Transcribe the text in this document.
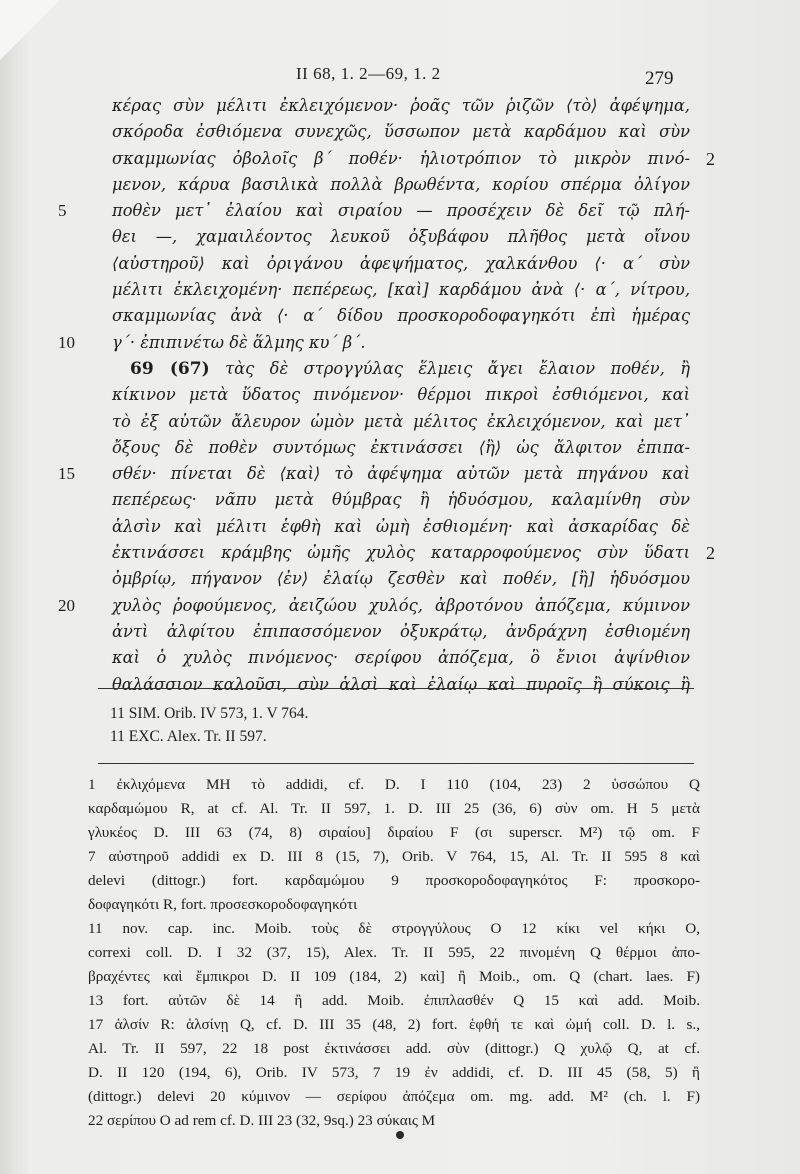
II 68, 1. 2—69, 1. 2	279
κέρας σὺν μέλιτι ἐκλειχόμενον· ῥοᾶς τῶν ῥιζῶν ⟨τὸ⟩ ἀφέψημα,
σκόροδα ἐσθιόμενα συνεχῶς, ὕσσωπον μετὰ καρδάμου καὶ σὺν
σκαμμωνίας ὀβολοῖς β΄ ποθέν· ἡλιοτρόπιον τὸ μικρὸν πινό- 2
μενον, κάρυα βασιλικὰ πολλὰ βρωθέντα, κορίου σπέρμα ὀλίγον
5	ποθὲν μετ᾿ ἐλαίου καὶ σιραίου — προσέχειν δὲ δεῖ τῷ πλή-
θει —, χαμαιλέοντος λευκοῦ ὀξυβάφου πλῆθος μετὰ οἴνου
⟨αὐστηροῦ⟩ καὶ ὀριγάνου ἀφεψήματος, χαλκάνθου ⟨· α΄ σὺν
μέλιτι ἐκλειχομένη· πεπέρεως, [καὶ] καρδάμου ἀνὰ ⟨· α΄, νίτρου,
σκαμμωνίας ἀνὰ ⟨· α΄ δίδου προσκοροδοφαγηκότι ἐπὶ ἡμέρας
10	γ΄· ἐπιπινέτω δὲ ἅλμης κυ΄ β΄.
69 (67) τὰς δὲ στρογγύλας ἕλμεις ἄγει ἔλαιον ποθέν, ἢ
κίκινον μετὰ ὕδατος πινόμενον· θέρμοι πικροὶ ἐσθιόμενοι, καὶ
τὸ ἐξ αὐτῶν ἄλευρον ὠμὸν μετὰ μέλιτος ἐκλειχόμενον, καὶ μετ᾿
ὄξους δὲ ποθὲν συντόμως ἐκτινάσσει ⟨ἢ⟩ ὡς ἄλφιτον ἐπιπα-
15	σθέν· πίνεται δὲ ⟨καὶ⟩ τὸ ἀφέψημα αὐτῶν μετὰ πηγάνου καὶ
πεπέρεως· νᾶπυ μετὰ θύμβρας ἢ ἡδυόσμου, καλαμίνθη σὺν
ἁλσὶν καὶ μέλιτι ἑφθὴ καὶ ὠμὴ ἐσθιομένη· καὶ ἀσκαρίδας δὲ
ἐκτινάσσει κράμβης ὠμῆς χυλὸς καταρροφούμενος σὺν ὕδατι 2
ὀμβρίῳ, πήγανον ⟨ἐν⟩ ἐλαίῳ ζεσθὲν καὶ ποθέν, [ἢ] ἡδυόσμου
20	χυλὸς ῥοφούμενος, ἀειζώου χυλός, ἀβροτόνου ἀπόζεμα, κύμινον
ἀντὶ ἀλφίτου ἐπιπασσόμενον ὀξυκράτῳ, ἀνδράχνη ἐσθιομένη
καὶ ὁ χυλὸς πινόμενος· σερίφου ἀπόζεμα, ὃ ἔνιοι ἀψίνθιον
θαλάσσιον καλοῦσι, σὺν ἁλσὶ καὶ ἐλαίῳ καὶ πυροῖς ἢ σύκοις ἢ
11 SIM. Orib. IV 573, 1. V 764.
11 EXC. Alex. Tr. II 597.
1 ἐκλιχόμενα MH τὸ addidi, cf. D. I 110 (104, 23) 2 ὑσσώπου Q
καρδαμώμου R, at cf. Al. Tr. II 597, 1. D. III 25 (36, 6) σὺν om. H 5 μετὰ
γλυκέος D. III 63 (74, 8) σιραίου] διραίου F (σι superscr. M²) τῷ om. F
7 αὐστηροῦ addidi ex D. III 8 (15, 7), Orib. V 764, 15, Al. Tr. II 595 8 καὶ
delevi (dittogr.) fort. καρδαμώμου 9 προσκοροδοφαγηκότος F: προσκορο-
δοφαγηκότι R, fort. προσεσκοροδοφαγηκότι
11 nov. cap. inc. Moib. τοὺς δὲ στρογγύλους O 12 κίκι vel κήκι O,
correxi coll. D. I 32 (37, 15), Alex. Tr. II 595, 22 πινομένη Q θέρμοι ἀπο-
βραχέντες καὶ ἔμπικροι D. II 109 (184, 2) καὶ] ἢ Moib., om. Q (chart. laes. F)
13 fort. αὐτῶν δὲ 14 ἢ add. Moib. ἐπιπλασθέν Q 15 καὶ add. Moib.
17 ἁλσίν R: ἁλσίνῃ Q, cf. D. III 35 (48, 2) fort. ἑφθή τε καὶ ὠμή coll. D. l. s.,
Al. Tr. II 597, 22 18 post ἐκτινάσσει add. σὺν (dittogr.) Q χυλῷ Q, at cf.
D. II 120 (194, 6), Orib. IV 573, 7 19 ἐν addidi, cf. D. III 45 (58, 5) ἢ
(dittogr.) delevi 20 κύμινον — σερίφου ἀπόζεμα om. mg. add. M² (ch. l. F)
22 σερίπου O ad rem cf. D. III 23 (32, 9sq.) 23 σύκαις M
